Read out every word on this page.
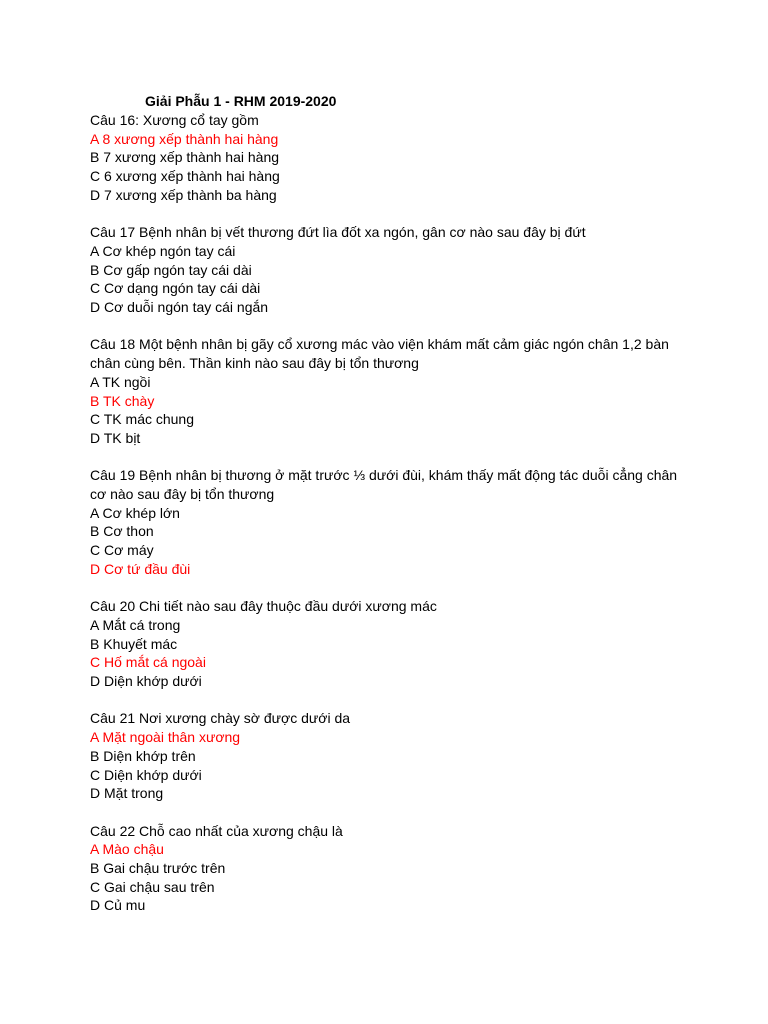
Giải Phẫu 1 - RHM 2019-2020
Câu 16: Xương cổ tay gồm
A 8 xương xếp thành hai hàng
B 7 xương xếp thành hai hàng
C 6 xương xếp thành hai hàng
D 7 xương xếp thành ba hàng
Câu 17 Bệnh nhân bị vết thương đứt lìa đốt xa ngón, gân cơ nào sau đây bị đứt
A Cơ khép ngón tay cái
B Cơ gấp ngón tay cái dài
C Cơ dạng ngón tay cái dài
D Cơ duỗi ngón tay cái ngắn
Câu 18 Một bệnh nhân bị gãy cổ xương mác vào viện khám mất cảm giác ngón chân 1,2 bàn chân cùng bên. Thần kinh nào sau đây bị tổn thương
A TK ngồi
B TK chày
C TK mác chung
D TK bịt
Câu 19 Bệnh nhân bị thương ở mặt trước ⅓ dưới đùi, khám thấy mất động tác duỗi cẳng chân cơ nào sau đây bị tổn thương
A Cơ khép lớn
B Cơ thon
C Cơ máy
D Cơ tứ đầu đùi
Câu 20 Chi tiết nào sau đây thuộc đầu dưới xương mác
A Mắt cá trong
B Khuyết mác
C Hố mắt cá ngoài
D Diện khớp dưới
Câu 21 Nơi xương chày sờ được dưới da
A Mặt ngoài thân xương
B Diện khớp trên
C Diện khớp dưới
D Mặt trong
Câu 22 Chỗ cao nhất của xương chậu là
A Mào chậu
B Gai chậu trước trên
C Gai chậu sau trên
D Củ mu
